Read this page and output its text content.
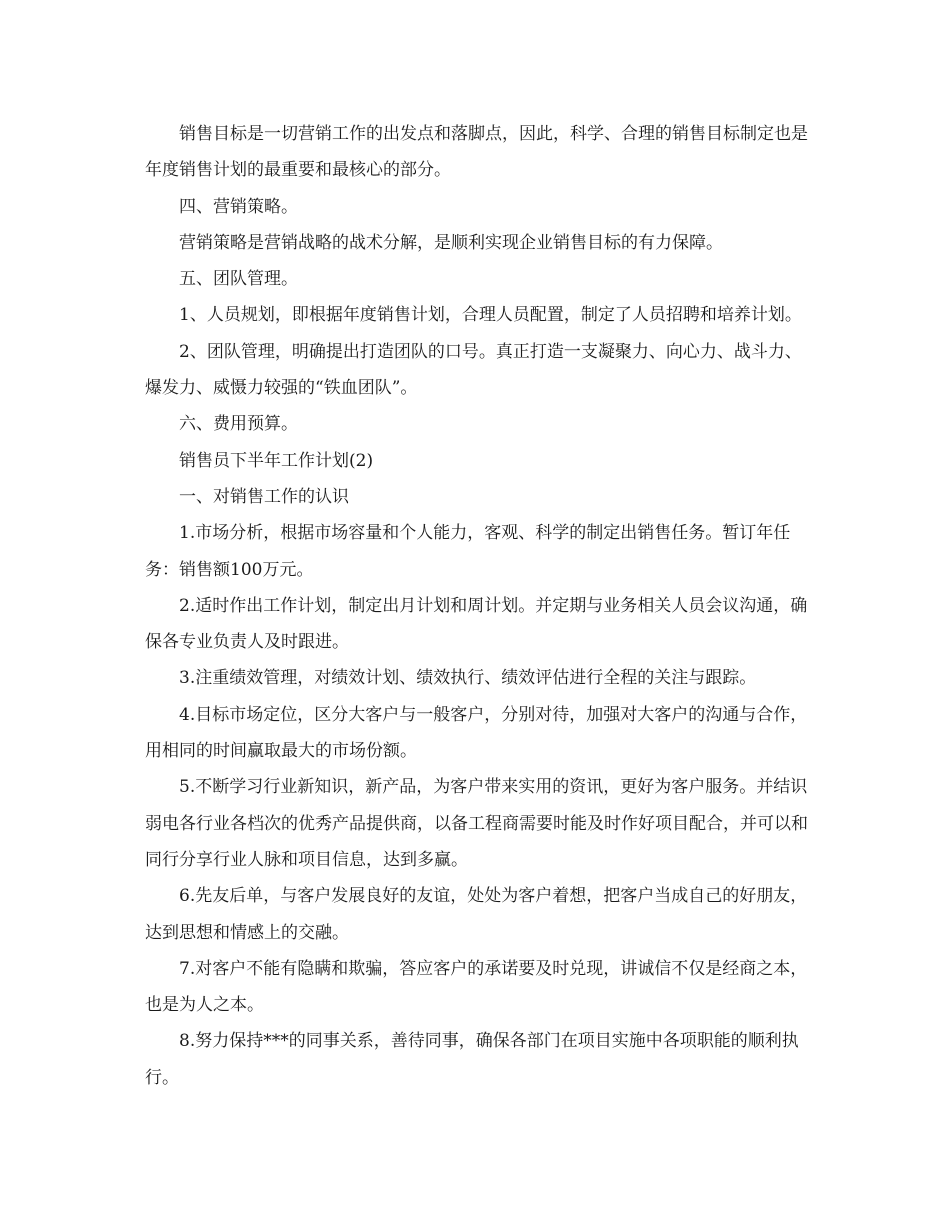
销售目标是一切营销工作的出发点和落脚点，因此，科学、合理的销售目标制定也是年度销售计划的最重要和最核心的部分。

四、营销策略。

营销策略是营销战略的战术分解，是顺利实现企业销售目标的有力保障。

五、团队管理。

1、人员规划，即根据年度销售计划，合理人员配置，制定了人员招聘和培养计划。

2、团队管理，明确提出打造团队的口号。真正打造一支凝聚力、向心力、战斗力、爆发力、威慑力较强的“铁血团队”。

六、费用预算。

销售员下半年工作计划(2)

一、对销售工作的认识

1.市场分析，根据市场容量和个人能力，客观、科学的制定出销售任务。暂订年任务：销售额100万元。

2.适时作出工作计划，制定出月计划和周计划。并定期与业务相关人员会议沟通，确保各专业负责人及时跟进。

3.注重绩效管理，对绩效计划、绩效执行、绩效评估进行全程的关注与跟踪。

4.目标市场定位，区分大客户与一般客户，分别对待，加强对大客户的沟通与合作，用相同的时间赢取最大的市场份额。

5.不断学习行业新知识，新产品，为客户带来实用的资讯，更好为客户服务。并结识弱电各行业各档次的优秀产品提供商，以备工程商需要时能及时作好项目配合，并可以和同行分享行业人脉和项目信息，达到多赢。

6.先友后单，与客户发展良好的友谊，处处为客户着想，把客户当成自己的好朋友，达到思想和情感上的交融。

7.对客户不能有隐瞒和欺骗，答应客户的承诺要及时兑现，讲诚信不仅是经商之本，也是为人之本。

8.努力保持***的同事关系，善待同事，确保各部门在项目实施中各项职能的顺利执行。
